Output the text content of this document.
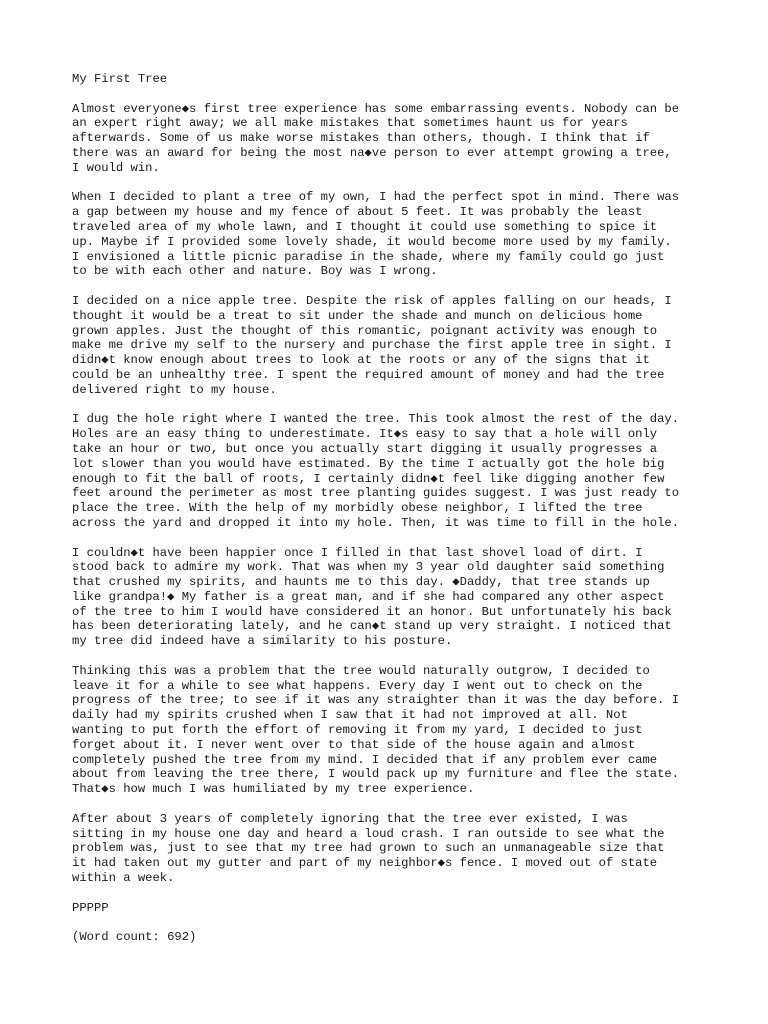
My First Tree
Almost everyone◆s first tree experience has some embarrassing events. Nobody can be
an expert right away; we all make mistakes that sometimes haunt us for years
afterwards. Some of us make worse mistakes than others, though. I think that if
there was an award for being the most na◆ve person to ever attempt growing a tree,
I would win.
When I decided to plant a tree of my own, I had the perfect spot in mind. There was
a gap between my house and my fence of about 5 feet. It was probably the least
traveled area of my whole lawn, and I thought it could use something to spice it
up. Maybe if I provided some lovely shade, it would become more used by my family.
I envisioned a little picnic paradise in the shade, where my family could go just
to be with each other and nature. Boy was I wrong.
I decided on a nice apple tree. Despite the risk of apples falling on our heads, I
thought it would be a treat to sit under the shade and munch on delicious home
grown apples. Just the thought of this romantic, poignant activity was enough to
make me drive my self to the nursery and purchase the first apple tree in sight. I
didn◆t know enough about trees to look at the roots or any of the signs that it
could be an unhealthy tree. I spent the required amount of money and had the tree
delivered right to my house.
I dug the hole right where I wanted the tree. This took almost the rest of the day.
Holes are an easy thing to underestimate. It◆s easy to say that a hole will only
take an hour or two, but once you actually start digging it usually progresses a
lot slower than you would have estimated. By the time I actually got the hole big
enough to fit the ball of roots, I certainly didn◆t feel like digging another few
feet around the perimeter as most tree planting guides suggest. I was just ready to
place the tree. With the help of my morbidly obese neighbor, I lifted the tree
across the yard and dropped it into my hole. Then, it was time to fill in the hole.
I couldn◆t have been happier once I filled in that last shovel load of dirt. I
stood back to admire my work. That was when my 3 year old daughter said something
that crushed my spirits, and haunts me to this day. ◆Daddy, that tree stands up
like grandpa!◆ My father is a great man, and if she had compared any other aspect
of the tree to him I would have considered it an honor. But unfortunately his back
has been deteriorating lately, and he can◆t stand up very straight. I noticed that
my tree did indeed have a similarity to his posture.
Thinking this was a problem that the tree would naturally outgrow, I decided to
leave it for a while to see what happens. Every day I went out to check on the
progress of the tree; to see if it was any straighter than it was the day before. I
daily had my spirits crushed when I saw that it had not improved at all. Not
wanting to put forth the effort of removing it from my yard, I decided to just
forget about it. I never went over to that side of the house again and almost
completely pushed the tree from my mind. I decided that if any problem ever came
about from leaving the tree there, I would pack up my furniture and flee the state.
That◆s how much I was humiliated by my tree experience.
After about 3 years of completely ignoring that the tree ever existed, I was
sitting in my house one day and heard a loud crash. I ran outside to see what the
problem was, just to see that my tree had grown to such an unmanageable size that
it had taken out my gutter and part of my neighbor◆s fence. I moved out of state
within a week.
PPPPP
(Word count: 692)
